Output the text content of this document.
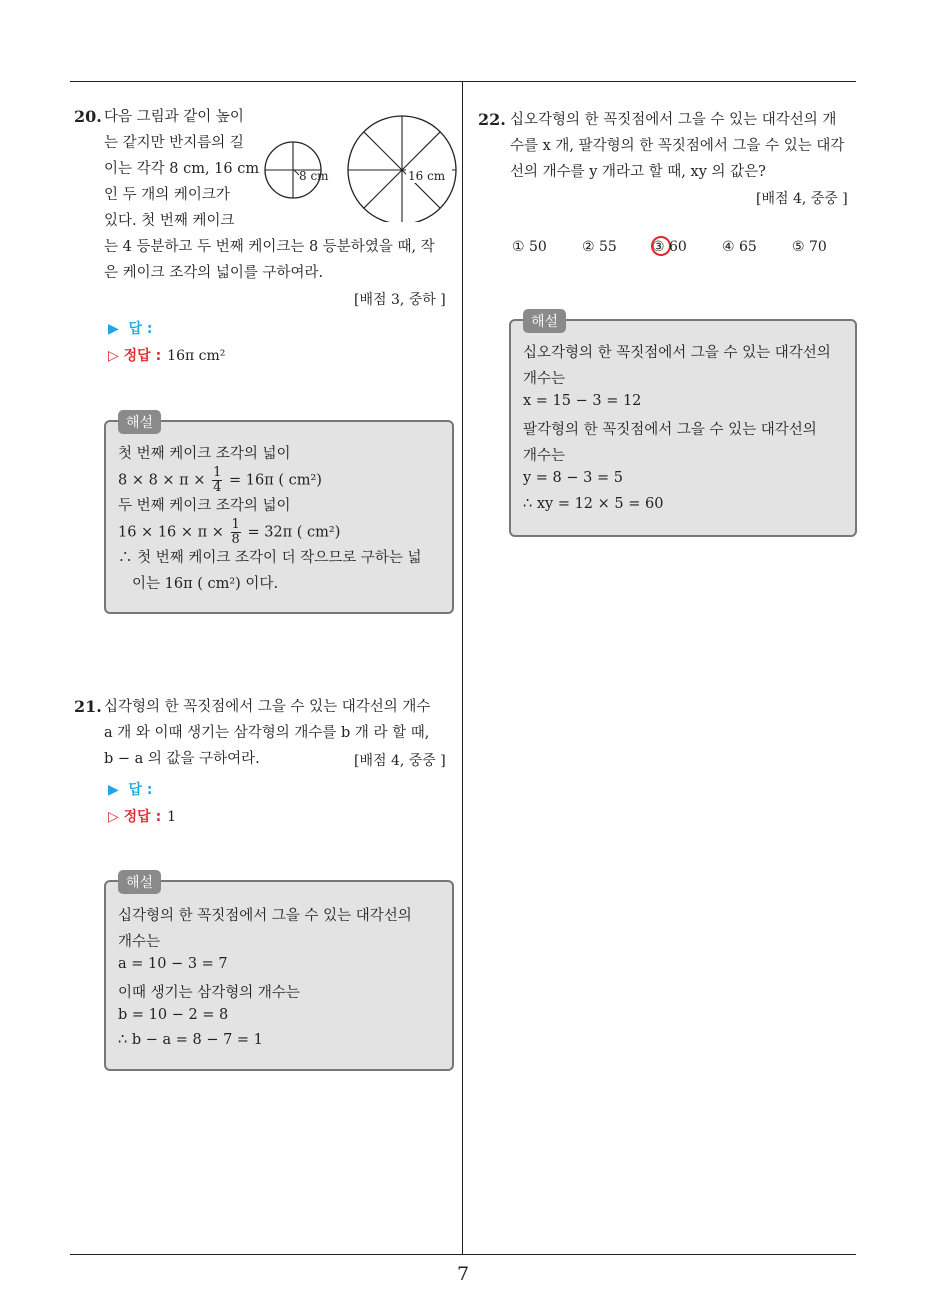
7
20. 다음 그림과 같이 높이
는 같지만 반지름의 길
이는 각각 8 cm, 16 cm
인 두 개의 케이크가
있다. 첫 번째 케이크
는 4 등분하고 두 번째 케이크는 8 등분하였을 때, 작
은 케이크 조각의 넓이를 구하여라.
8 cm	16 cm
[배점 3, 중하 ]
▶  답 :
▷ 정답 : 16π cm²
해설
첫 번째 케이크 조각의 넓이
$8 \times 8 \times \pi \times \frac{1}{4} = 16\pi$ ( cm²)
두 번째 케이크 조각의 넓이
$16 \times 16 \times \pi \times \frac{1}{8} = 32\pi$ ( cm²)
∴ 첫 번째 케이크 조각이 더 작으므로 구하는 넓
이는 16π ( cm²) 이다.
21. 십각형의 한 꼭짓점에서 그을 수 있는 대각선의 개수
a 개 와 이때 생기는 삼각형의 개수를 b 개 라 할 때,
b − a 의 값을 구하여라.	[배점 4, 중중 ]
▶  답 :
▷ 정답 : 1
해설
십각형의 한 꼭짓점에서 그을 수 있는 대각선의
개수는
a = 10 − 3 = 7
이때 생기는 삼각형의 개수는
b = 10 − 2 = 8
∴ b − a = 8 − 7 = 1
22. 십오각형의 한 꼭짓점에서 그을 수 있는 대각선의 개
수를 x 개, 팔각형의 한 꼭짓점에서 그을 수 있는 대각
선의 개수를 y 개라고 할 때, xy 의 값은?
[배점 4, 중중 ]
① 50	② 55	③ 60	④ 65	⑤ 70
해설
십오각형의 한 꼭짓점에서 그을 수 있는 대각선의
개수는
x = 15 − 3 = 12
팔각형의 한 꼭짓점에서 그을 수 있는 대각선의
개수는
y = 8 − 3 = 5
∴ xy = 12 × 5 = 60
